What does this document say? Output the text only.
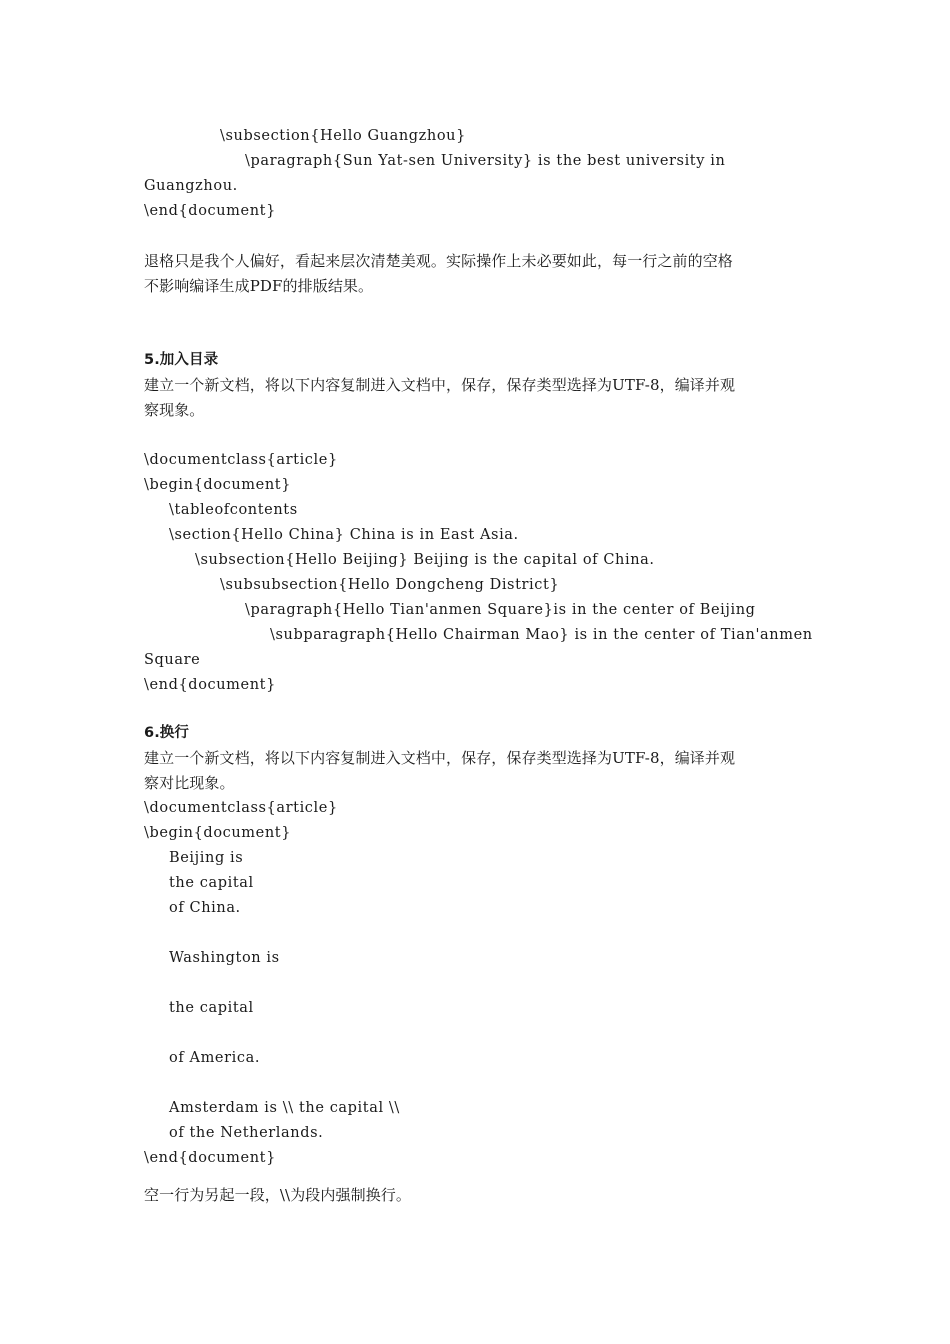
\subsection{Hello Guangzhou}
\paragraph{Sun Yat-sen University} is the best university in
Guangzhou.
\end{document}
退格只是我个人偏好，看起来层次清楚美观。实际操作上未必要如此，每一行之前的空格
不影响编译生成PDF的排版结果。
5.加入目录
建立一个新文档，将以下内容复制进入文档中，保存，保存类型选择为UTF-8，编译并观
察现象。
\documentclass{article}
\begin{document}
\tableofcontents
\section{Hello China} China is in East Asia.
\subsection{Hello Beijing} Beijing is the capital of China.
\subsubsection{Hello Dongcheng District}
\paragraph{Hello Tian'anmen Square}is in the center of Beijing
\subparagraph{Hello Chairman Mao} is in the center of Tian'anmen
Square
\end{document}
6.换行
建立一个新文档，将以下内容复制进入文档中，保存，保存类型选择为UTF-8，编译并观
察对比现象。
\documentclass{article}
\begin{document}
Beijing is
the capital
of China.
Washington is
the capital
of America.
Amsterdam is \\ the capital \\
of the Netherlands.
\end{document}
空一行为另起一段，\\为段内强制换行。
